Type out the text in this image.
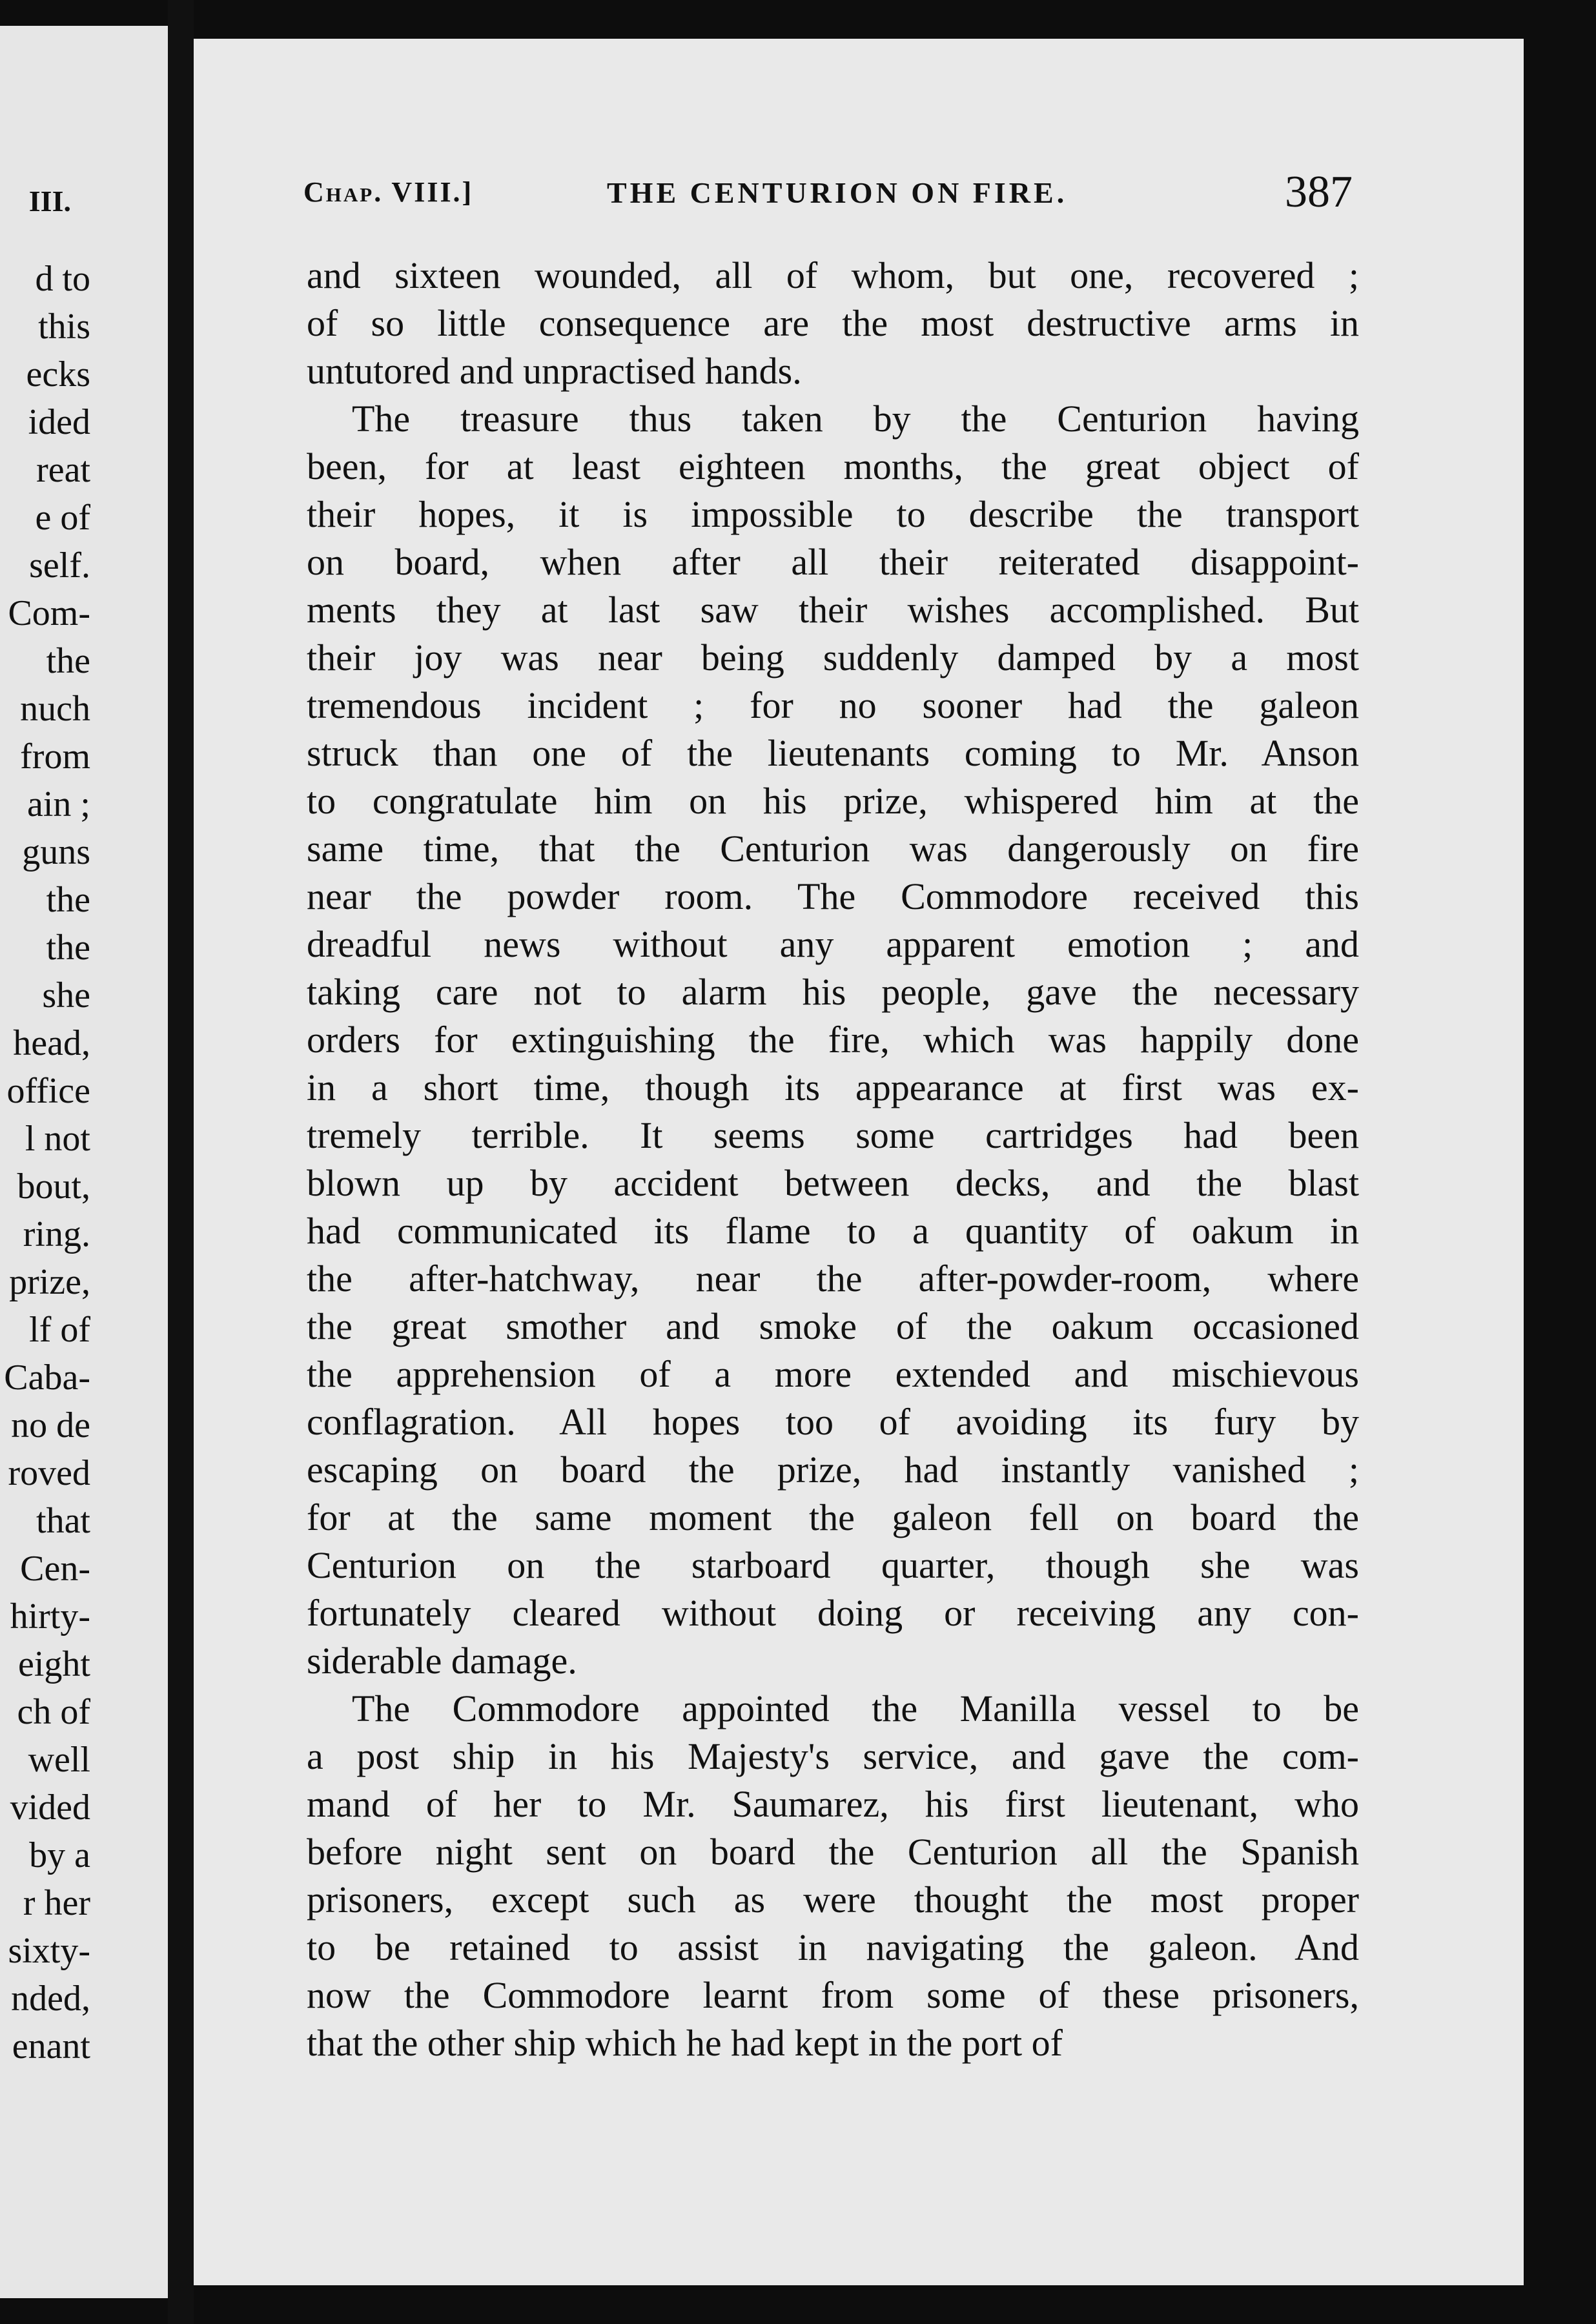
III.
d to
this
ecks
ided
reat
e of
self.
Com-
the
nuch
from
ain ;
guns
the
the
she
head,
office
l not
bout,
ring.
prize,
lf of
Caba-
no de
roved
that
Cen-
hirty-
eight
ch of
well
vided
by a
r her
sixty-
nded,
enant
Chap. VIII.]	THE CENTURION ON FIRE.	387
and sixteen wounded, all of whom, but one, recovered ;
of so little consequence are the most destructive arms in
untutored and unpractised hands.
The treasure thus taken by the Centurion having
been, for at least eighteen months, the great object of
their hopes, it is impossible to describe the transport
on board, when after all their reiterated disappoint-
ments they at last saw their wishes accomplished. But
their joy was near being suddenly damped by a most
tremendous incident ; for no sooner had the galeon
struck than one of the lieutenants coming to Mr. Anson
to congratulate him on his prize, whispered him at the
same time, that the Centurion was dangerously on fire
near the powder room. The Commodore received this
dreadful news without any apparent emotion ; and
taking care not to alarm his people, gave the necessary
orders for extinguishing the fire, which was happily done
in a short time, though its appearance at first was ex-
tremely terrible. It seems some cartridges had been
blown up by accident between decks, and the blast
had communicated its flame to a quantity of oakum in
the after-hatchway, near the after-powder-room, where
the great smother and smoke of the oakum occasioned
the apprehension of a more extended and mischievous
conflagration. All hopes too of avoiding its fury by
escaping on board the prize, had instantly vanished ;
for at the same moment the galeon fell on board the
Centurion on the starboard quarter, though she was
fortunately cleared without doing or receiving any con-
siderable damage.
The Commodore appointed the Manilla vessel to be
a post ship in his Majesty's service, and gave the com-
mand of her to Mr. Saumarez, his first lieutenant, who
before night sent on board the Centurion all the Spanish
prisoners, except such as were thought the most proper
to be retained to assist in navigating the galeon. And
now the Commodore learnt from some of these prisoners,
that the other ship which he had kept in the port of
